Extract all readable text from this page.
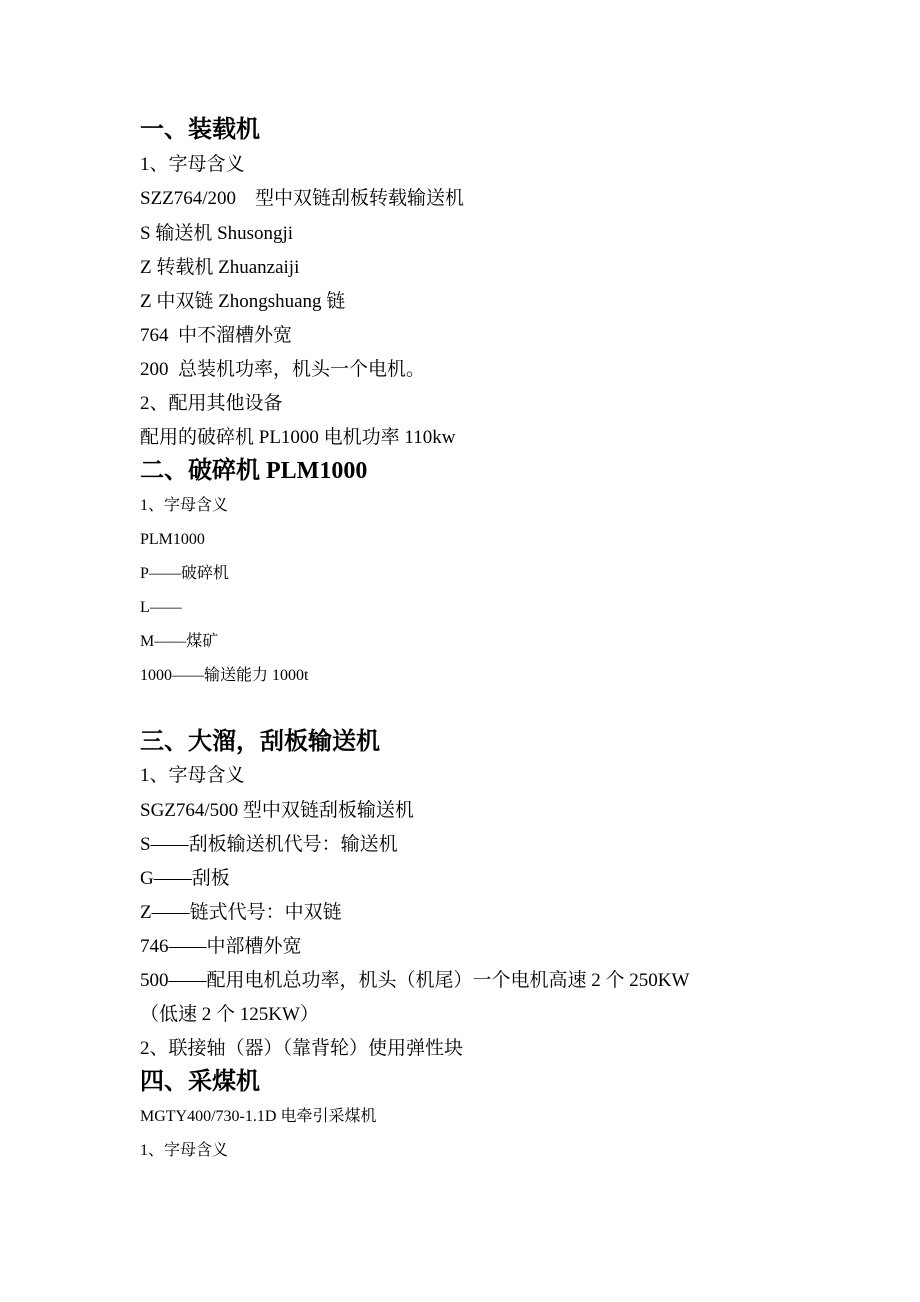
一、装载机
1、字母含义
SZZ764/200　型中双链刮板转载输送机
S 输送机 Shusongji
Z 转载机 Zhuanzaiji
Z 中双链 Zhongshuang 链
764  中不溜槽外宽
200  总装机功率，机头一个电机。
2、配用其他设备
配用的破碎机 PL1000 电机功率 110kw
二、破碎机 PLM1000
1、字母含义
PLM1000
P——破碎机
L——
M——煤矿
1000——输送能力 1000t
三、大溜，刮板输送机
1、字母含义
SGZ764/500 型中双链刮板输送机
S——刮板输送机代号：输送机
G——刮板
Z——链式代号：中双链
746——中部槽外宽
500——配用电机总功率，机头（机尾）一个电机高速 2 个 250KW
（低速 2 个 125KW）
2、联接轴（器）（靠背轮）使用弹性块
四、采煤机
MGTY400/730-1.1D 电牵引采煤机
1、字母含义
